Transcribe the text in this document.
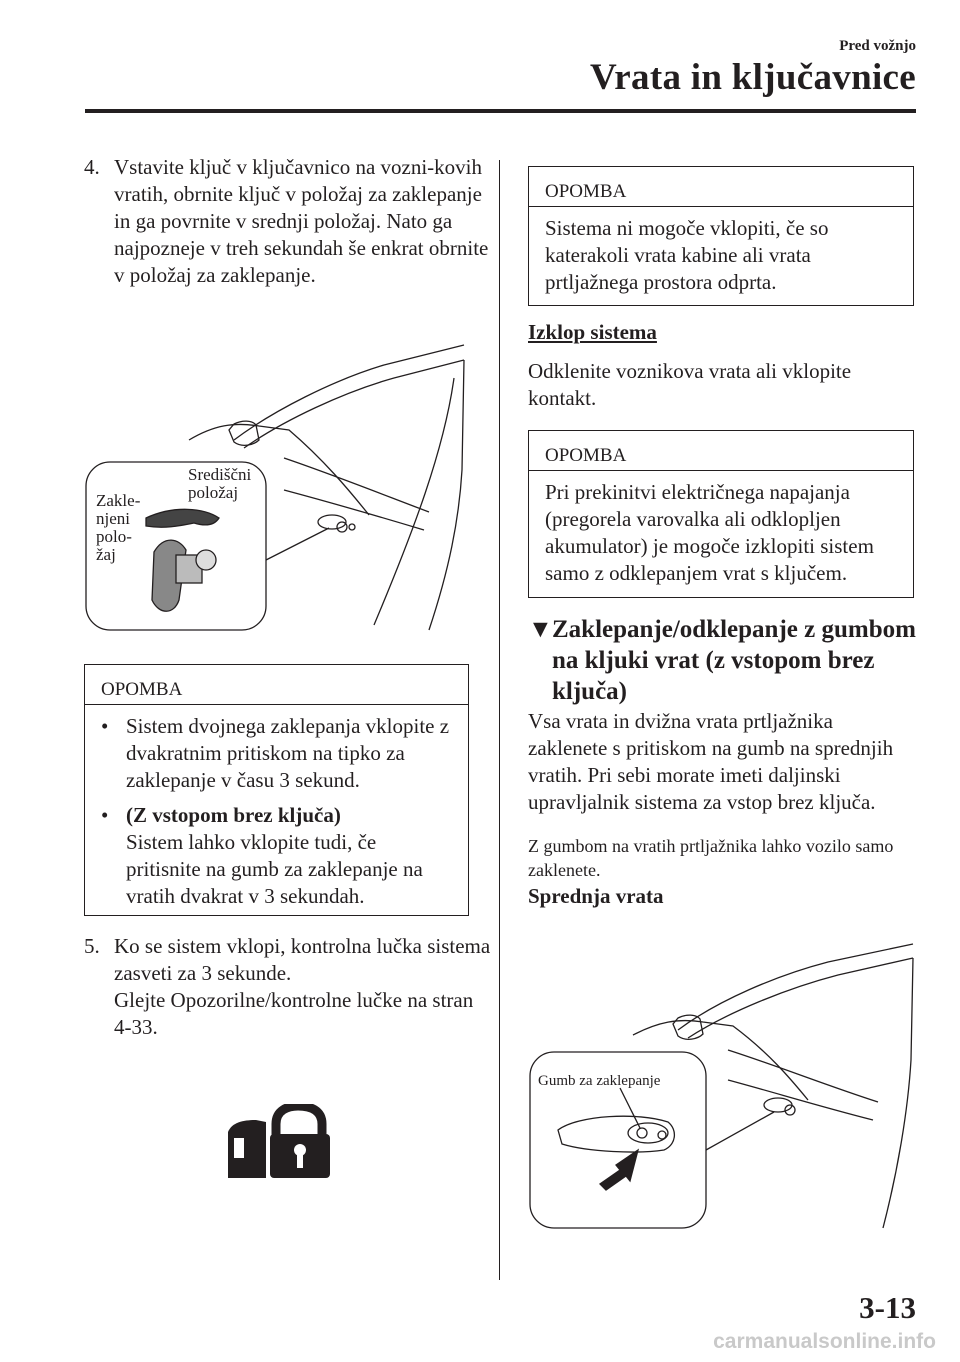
Pred vožnjo
Vrata in ključavnice
4. Vstavite ključ v ključavnico na vozni-kovih vratih, obrnite ključ v položaj za zaklepanje in ga povrnite v srednji položaj. Nato ga najpozneje v treh sekundah še enkrat obrnite v položaj za zaklepanje.
Središčni
položaj
Zakle-
njeni
polo-
žaj
OPOMBA
• Sistem dvojnega zaklepanja vklopite z dvakratnim pritiskom na tipko za zaklepanje v času 3 sekund.
• (Z vstopom brez ključa)
Sistem lahko vklopite tudi, če pritisnite na gumb za zaklepanje na vratih dvakrat v 3 sekundah.
5. Ko se sistem vklopi, kontrolna lučka sistema zasveti za 3 sekunde.
Glejte Opozorilne/kontrolne lučke na stran 4-33.
OPOMBA
Sistema ni mogoče vklopiti, če so katerakoli vrata kabine ali vrata prtljažnega prostora odprta.
Izklop sistema
Odklenite voznikova vrata ali vklopite kontakt.
OPOMBA
Pri prekinitvi električnega napajanja (pregorela varovalka ali odklopljen akumulator) je mogoče izklopiti sistem samo z odklepanjem vrat s ključem.
▼ Zaklepanje/odklepanje z gumbom na kljuki vrat (z vstopom brez ključa)
Vsa vrata in dvižna vrata prtljažnika zaklenete s pritiskom na gumb na sprednjih vratih. Pri sebi morate imeti daljinski upravljalnik sistema za vstop brez ključa.
Z gumbom na vratih prtljažnika lahko vozilo samo zaklenete.
Sprednja vrata
Gumb za zaklepanje
3-13
carmanualsonline.info
